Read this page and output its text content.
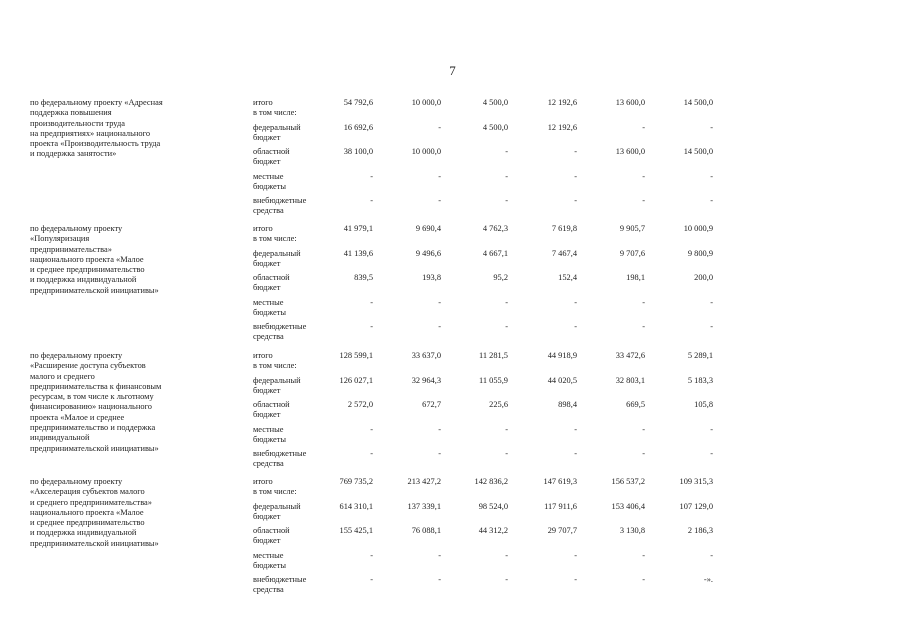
7
по федеральному проекту «Адресная
поддержка повышения
производительности труда
на предприятиях» национального
проекта «Производительность труда
и поддержка занятости»
итого
в том числе:
54 792,6	10 000,0	4 500,0	12 192,6	13 600,0	14 500,0
федеральный
бюджет
16 692,6	-	4 500,0	12 192,6	-	-
областной
бюджет
38 100,0	10 000,0	-	-	13 600,0	14 500,0
местные
бюджеты
-	-	-	-	-	-
внебюджетные
средства
-	-	-	-	-	-
по федеральному проекту
«Популяризация
предпринимательства»
национального проекта «Малое
и среднее предпринимательство
и поддержка индивидуальной
предпринимательской инициативы»
итого
в том числе:
41 979,1	9 690,4	4 762,3	7 619,8	9 905,7	10 000,9
федеральный
бюджет
41 139,6	9 496,6	4 667,1	7 467,4	9 707,6	9 800,9
областной
бюджет
839,5	193,8	95,2	152,4	198,1	200,0
местные
бюджеты
-	-	-	-	-	-
внебюджетные
средства
-	-	-	-	-	-
по федеральному проекту
«Расширение доступа субъектов
малого и среднего
предпринимательства к финансовым
ресурсам, в том числе к льготному
финансированию» национального
проекта «Малое и среднее
предпринимательство и поддержка
индивидуальной
предпринимательской инициативы»
итого
в том числе:
128 599,1	33 637,0	11 281,5	44 918,9	33 472,6	5 289,1
федеральный
бюджет
126 027,1	32 964,3	11 055,9	44 020,5	32 803,1	5 183,3
областной
бюджет
2 572,0	672,7	225,6	898,4	669,5	105,8
местные
бюджеты
-	-	-	-	-	-
внебюджетные
средства
-	-	-	-	-	-
по федеральному проекту
«Акселерация субъектов малого
и среднего предпринимательства»
национального проекта «Малое
и среднее предпринимательство
и поддержка индивидуальной
предпринимательской инициативы»
итого
в том числе:
769 735,2	213 427,2	142 836,2	147 619,3	156 537,2	109 315,3
федеральный
бюджет
614 310,1	137 339,1	98 524,0	117 911,6	153 406,4	107 129,0
областной
бюджет
155 425,1	76 088,1	44 312,2	29 707,7	3 130,8	2 186,3
местные
бюджеты
-	-	-	-	-	-
внебюджетные
средства
-	-	-	-	-	-».
